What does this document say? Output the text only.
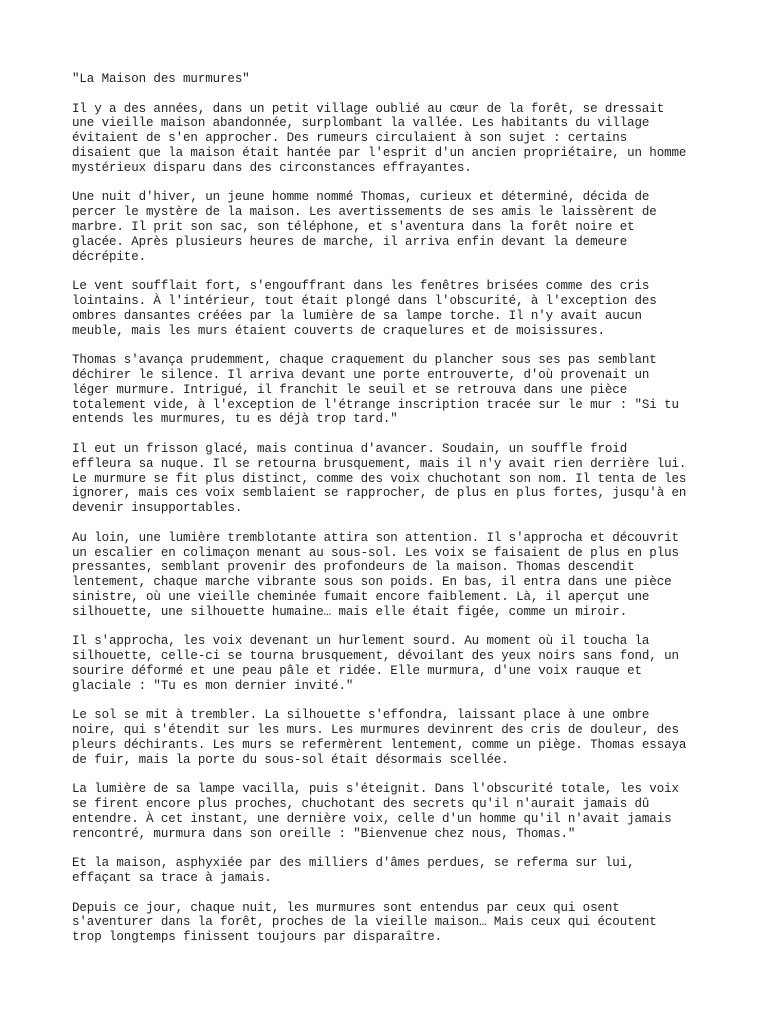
"La Maison des murmures"

Il y a des années, dans un petit village oublié au cœur de la forêt, se dressait
une vieille maison abandonnée, surplombant la vallée. Les habitants du village
évitaient de s'en approcher. Des rumeurs circulaient à son sujet : certains
disaient que la maison était hantée par l'esprit d'un ancien propriétaire, un homme
mystérieux disparu dans des circonstances effrayantes.

Une nuit d'hiver, un jeune homme nommé Thomas, curieux et déterminé, décida de
percer le mystère de la maison. Les avertissements de ses amis le laissèrent de
marbre. Il prit son sac, son téléphone, et s'aventura dans la forêt noire et
glacée. Après plusieurs heures de marche, il arriva enfin devant la demeure
décrépite.

Le vent soufflait fort, s'engouffrant dans les fenêtres brisées comme des cris
lointains. À l'intérieur, tout était plongé dans l'obscurité, à l'exception des
ombres dansantes créées par la lumière de sa lampe torche. Il n'y avait aucun
meuble, mais les murs étaient couverts de craquelures et de moisissures.

Thomas s'avança prudemment, chaque craquement du plancher sous ses pas semblant
déchirer le silence. Il arriva devant une porte entrouverte, d'où provenait un
léger murmure. Intrigué, il franchit le seuil et se retrouva dans une pièce
totalement vide, à l'exception de l'étrange inscription tracée sur le mur : "Si tu
entends les murmures, tu es déjà trop tard."

Il eut un frisson glacé, mais continua d'avancer. Soudain, un souffle froid
effleura sa nuque. Il se retourna brusquement, mais il n'y avait rien derrière lui.
Le murmure se fit plus distinct, comme des voix chuchotant son nom. Il tenta de les
ignorer, mais ces voix semblaient se rapprocher, de plus en plus fortes, jusqu'à en
devenir insupportables.

Au loin, une lumière tremblotante attira son attention. Il s'approcha et découvrit
un escalier en colimaçon menant au sous-sol. Les voix se faisaient de plus en plus
pressantes, semblant provenir des profondeurs de la maison. Thomas descendit
lentement, chaque marche vibrante sous son poids. En bas, il entra dans une pièce
sinistre, où une vieille cheminée fumait encore faiblement. Là, il aperçut une
silhouette, une silhouette humaine… mais elle était figée, comme un miroir.

Il s'approcha, les voix devenant un hurlement sourd. Au moment où il toucha la
silhouette, celle-ci se tourna brusquement, dévoilant des yeux noirs sans fond, un
sourire déformé et une peau pâle et ridée. Elle murmura, d'une voix rauque et
glaciale : "Tu es mon dernier invité."

Le sol se mit à trembler. La silhouette s'effondra, laissant place à une ombre
noire, qui s'étendit sur les murs. Les murmures devinrent des cris de douleur, des
pleurs déchirants. Les murs se refermèrent lentement, comme un piège. Thomas essaya
de fuir, mais la porte du sous-sol était désormais scellée.

La lumière de sa lampe vacilla, puis s'éteignit. Dans l'obscurité totale, les voix
se firent encore plus proches, chuchotant des secrets qu'il n'aurait jamais dû
entendre. À cet instant, une dernière voix, celle d'un homme qu'il n'avait jamais
rencontré, murmura dans son oreille : "Bienvenue chez nous, Thomas."

Et la maison, asphyxiée par des milliers d'âmes perdues, se referma sur lui,
effaçant sa trace à jamais.

Depuis ce jour, chaque nuit, les murmures sont entendus par ceux qui osent
s'aventurer dans la forêt, proches de la vieille maison… Mais ceux qui écoutent
trop longtemps finissent toujours par disparaître.
